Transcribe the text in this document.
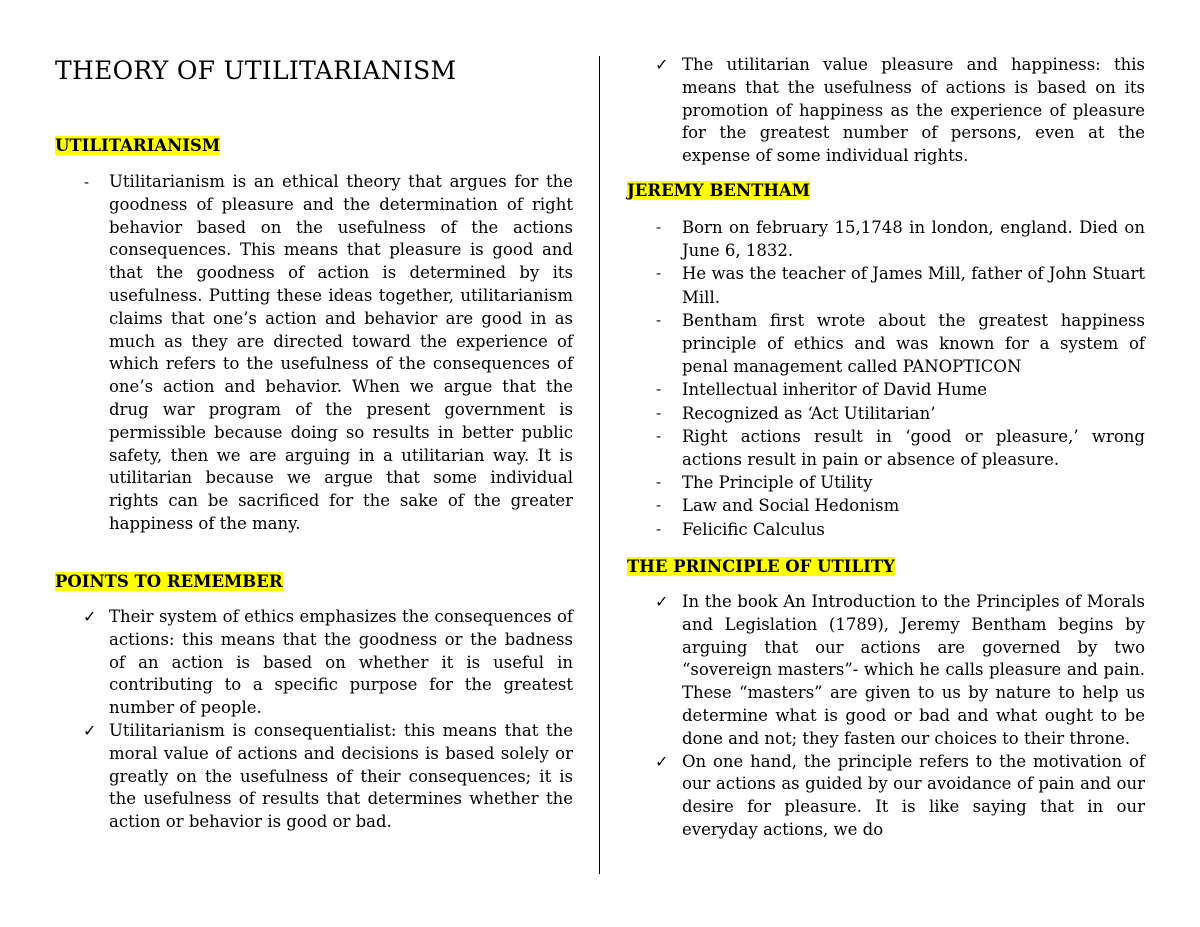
THEORY OF UTILITARIANISM
UTILITARIANISM
- Utilitarianism is an ethical theory that argues for the goodness of pleasure and the determination of right behavior based on the usefulness of the actions consequences. This means that pleasure is good and that the goodness of action is determined by its usefulness. Putting these ideas together, utilitarianism claims that one’s action and behavior are good in as much as they are directed toward the experience of which refers to the usefulness of the consequences of one’s action and behavior. When we argue that the drug war program of the present government is permissible because doing so results in better public safety, then we are arguing in a utilitarian way. It is utilitarian because we argue that some individual rights can be sacrificed for the sake of the greater happiness of the many.
POINTS TO REMEMBER
✓ Their system of ethics emphasizes the consequences of actions: this means that the goodness or the badness of an action is based on whether it is useful in contributing to a specific purpose for the greatest number of people.
✓ Utilitarianism is consequentialist: this means that the moral value of actions and decisions is based solely or greatly on the usefulness of their consequences; it is the usefulness of results that determines whether the action or behavior is good or bad.
✓ The utilitarian value pleasure and happiness: this means that the usefulness of actions is based on its promotion of happiness as the experience of pleasure for the greatest number of persons, even at the expense of some individual rights.
JEREMY BENTHAM
- Born on february 15,1748 in london, england. Died on June 6, 1832.
- He was the teacher of James Mill, father of John Stuart Mill.
- Bentham first wrote about the greatest happiness principle of ethics and was known for a system of penal management called PANOPTICON
- Intellectual inheritor of David Hume
- Recognized as ‘Act Utilitarian’
- Right actions result in ‘good or pleasure,’ wrong actions result in pain or absence of pleasure.
- The Principle of Utility
- Law and Social Hedonism
- Felicific Calculus
THE PRINCIPLE OF UTILITY
✓ In the book An Introduction to the Principles of Morals and Legislation (1789), Jeremy Bentham begins by arguing that our actions are governed by two “sovereign masters”- which he calls pleasure and pain. These “masters” are given to us by nature to help us determine what is good or bad and what ought to be done and not; they fasten our choices to their throne.
✓ On one hand, the principle refers to the motivation of our actions as guided by our avoidance of pain and our desire for pleasure. It is like saying that in our everyday actions, we do
